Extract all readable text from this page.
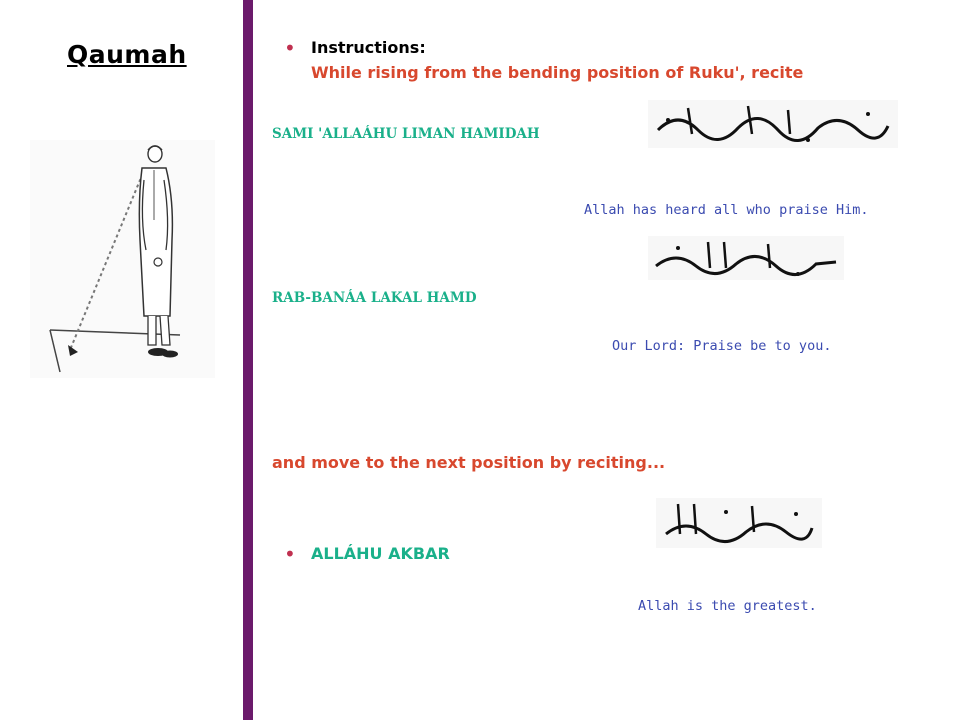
Qaumah	• Instructions:
While rising from the bending position of Ruku', recite
SAMI 'ALLAÁHU LIMAN HAMIDAH
Allah has heard all who praise Him.
RAB-BANÁA LAKAL HAMD
Our Lord: Praise be to you.
and move to the next position by reciting...
• ALLÁHU AKBAR
Allah is the greatest.
